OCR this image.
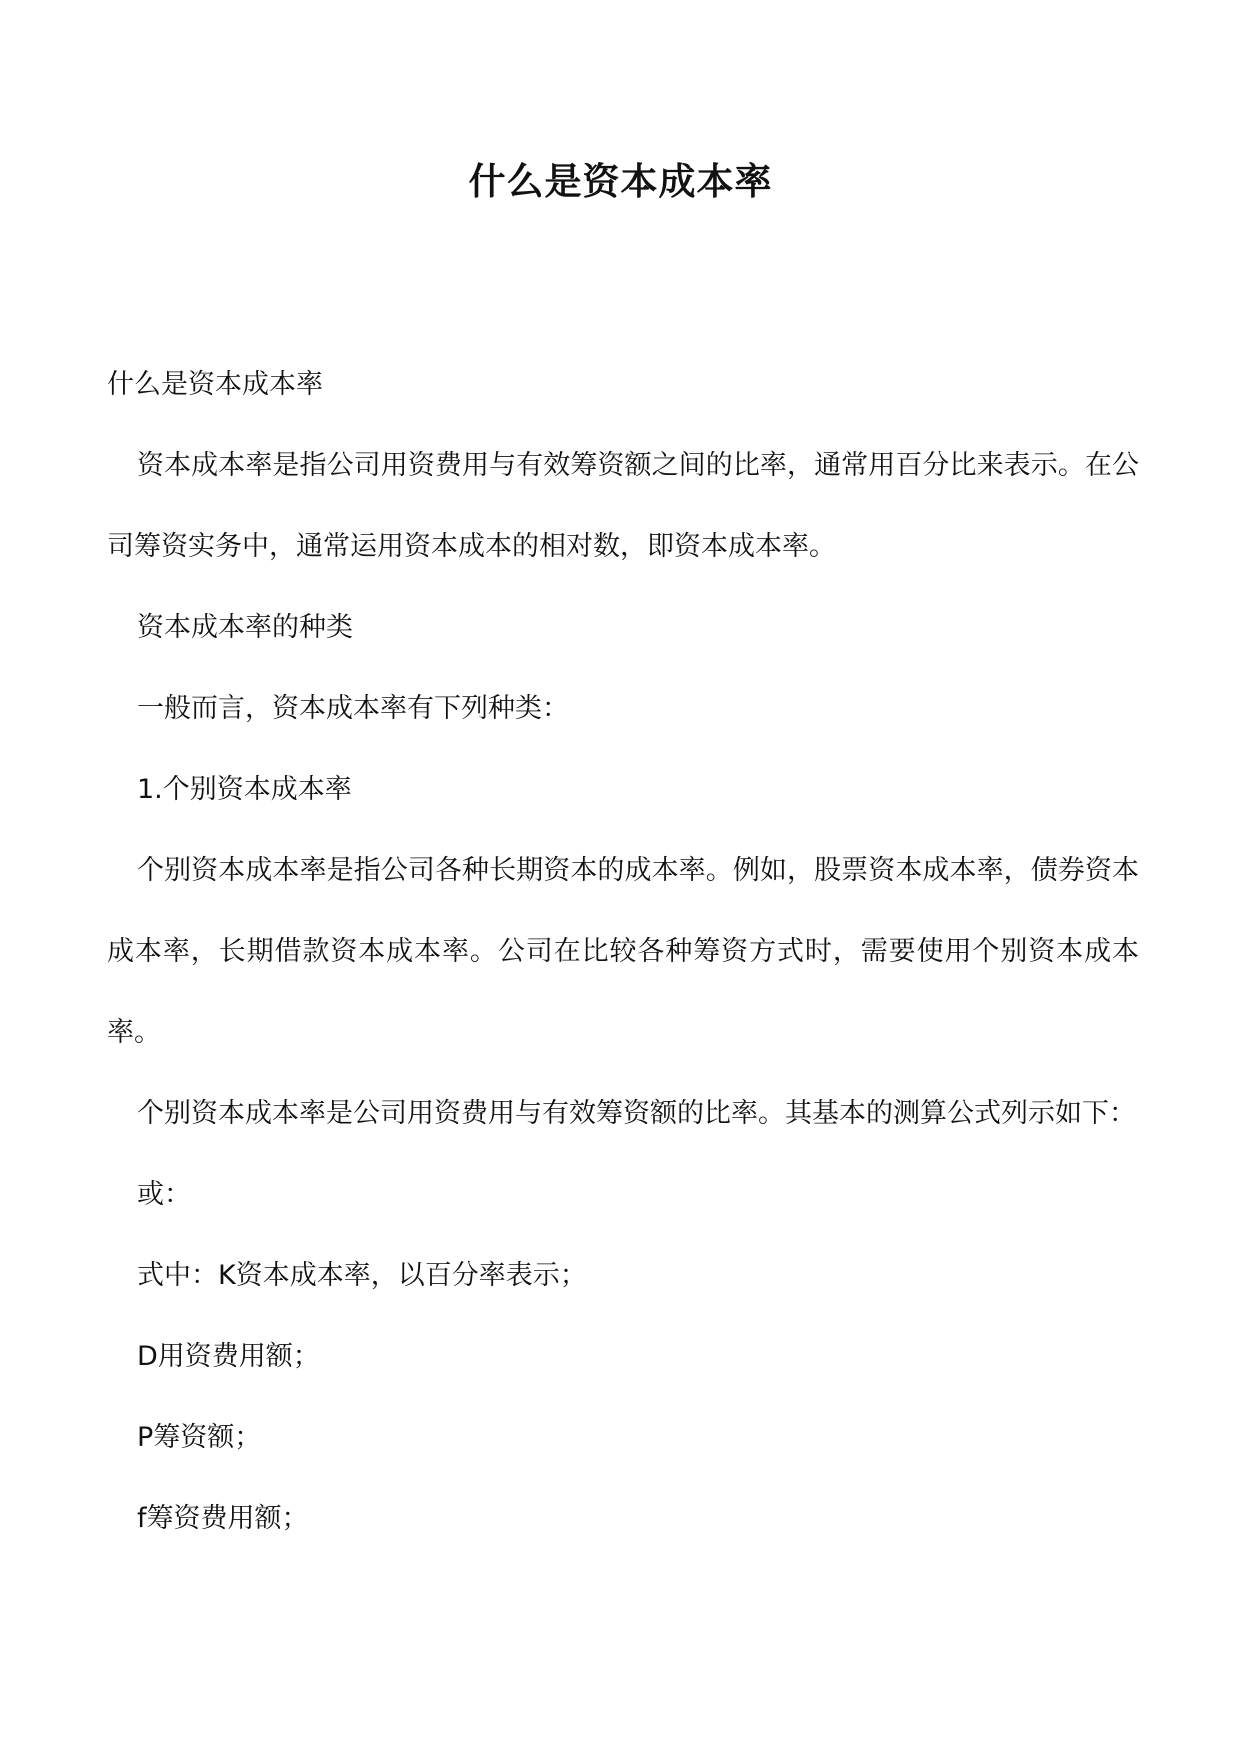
什么是资本成本率

什么是资本成本率

资本成本率是指公司用资费用与有效筹资额之间的比率，通常用百分比来表示。在公司筹资实务中，通常运用资本成本的相对数，即资本成本率。

资本成本率的种类

一般而言，资本成本率有下列种类：

1.个别资本成本率

个别资本成本率是指公司各种长期资本的成本率。例如，股票资本成本率，债券资本成本率，长期借款资本成本率。公司在比较各种筹资方式时，需要使用个别资本成本率。

个别资本成本率是公司用资费用与有效筹资额的比率。其基本的测算公式列示如下：

或：

式中：K资本成本率，以百分率表示；

D用资费用额；

P筹资额；

f筹资费用额；
